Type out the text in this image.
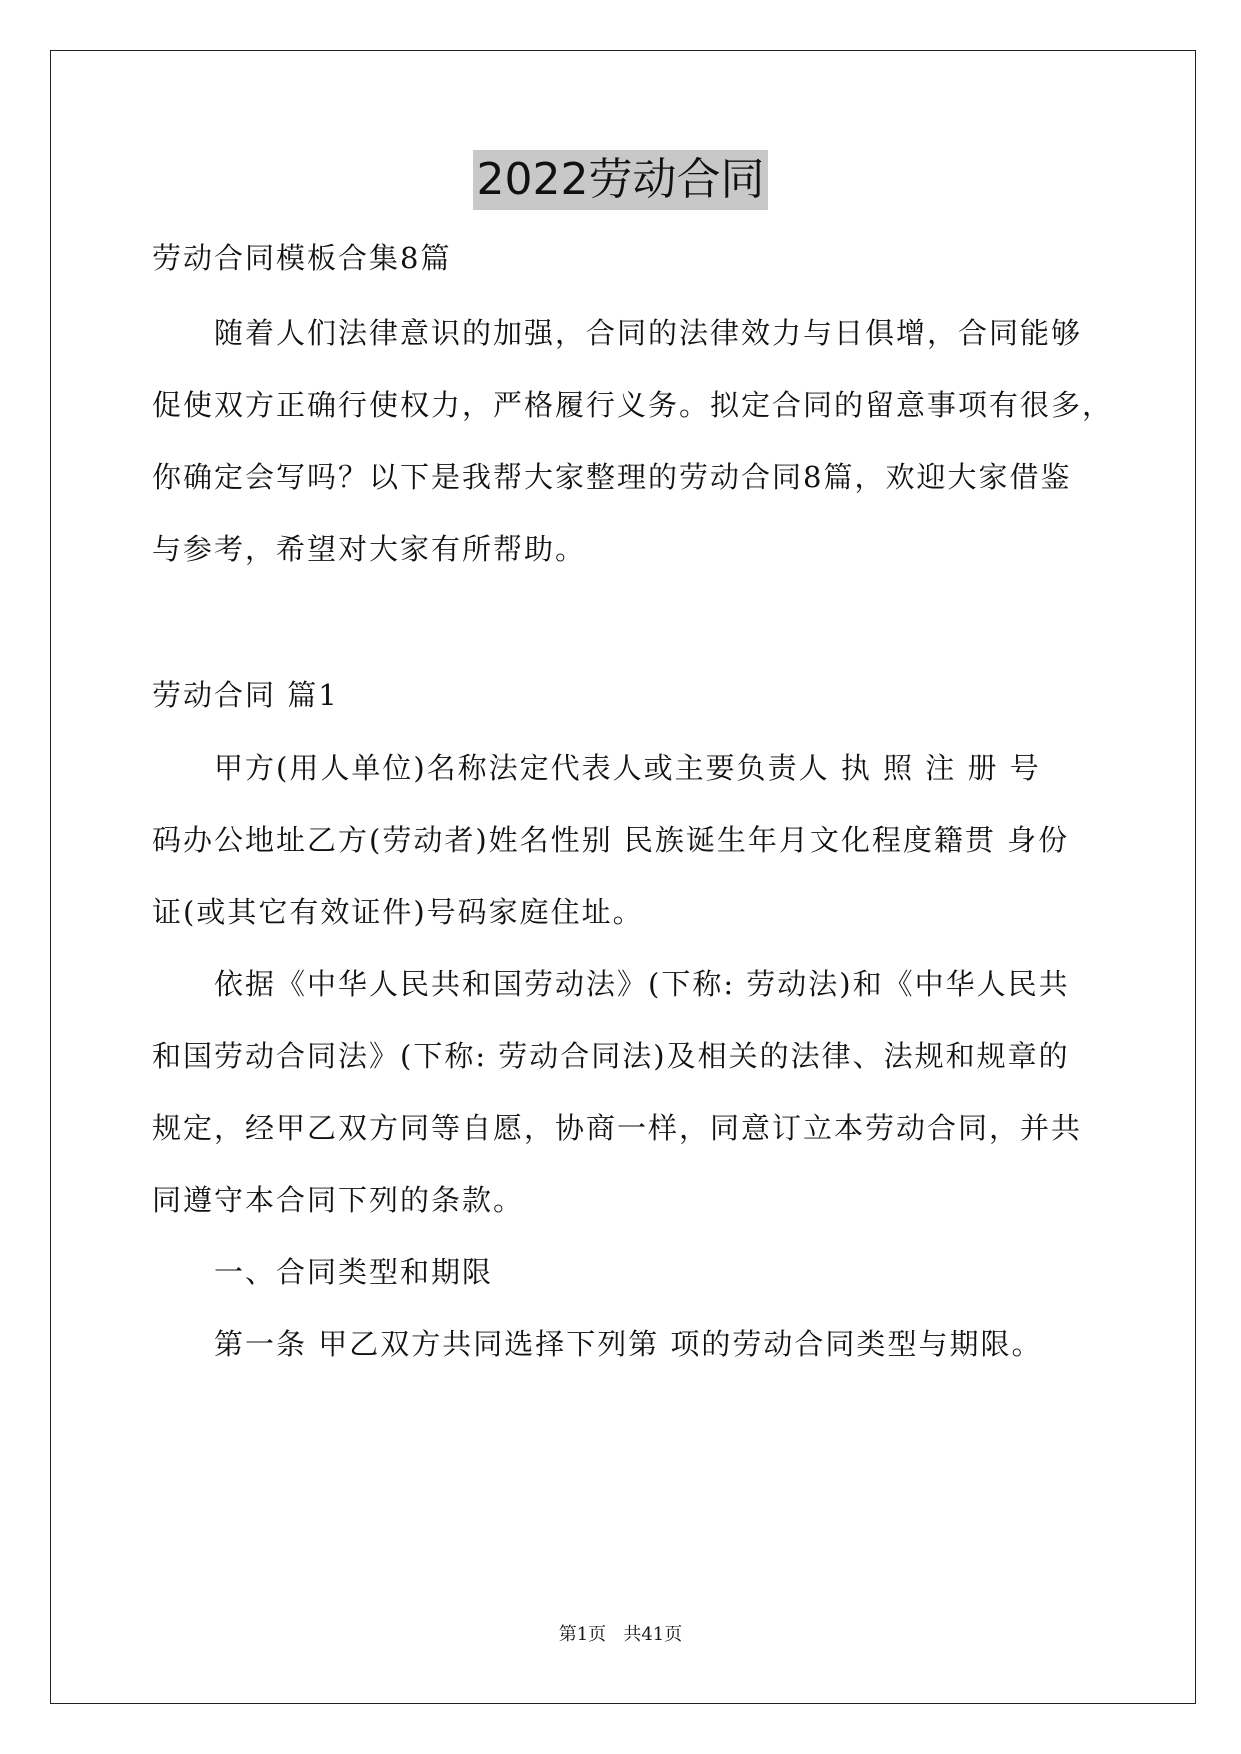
2022劳动合同

劳动合同模板合集8篇

随着人们法律意识的加强，合同的法律效力与日俱增，合同能够

促使双方正确行使权力，严格履行义务。拟定合同的留意事项有很多，

你确定会写吗？以下是我帮大家整理的劳动合同8篇，欢迎大家借鉴

与参考，希望对大家有所帮助。

劳动合同 篇1

甲方(用人单位)名称法定代表人或主要负责人 执 照 注 册 号

码办公地址乙方(劳动者)姓名性别 民族诞生年月文化程度籍贯 身份

证(或其它有效证件)号码家庭住址。

依据《中华人民共和国劳动法》(下称: 劳动法)和《中华人民共

和国劳动合同法》(下称: 劳动合同法)及相关的法律、法规和规章的

规定，经甲乙双方同等自愿，协商一样，同意订立本劳动合同，并共

同遵守本合同下列的条款。

一、合同类型和期限

第一条 甲乙双方共同选择下列第 项的劳动合同类型与期限。

第1页   共41页
